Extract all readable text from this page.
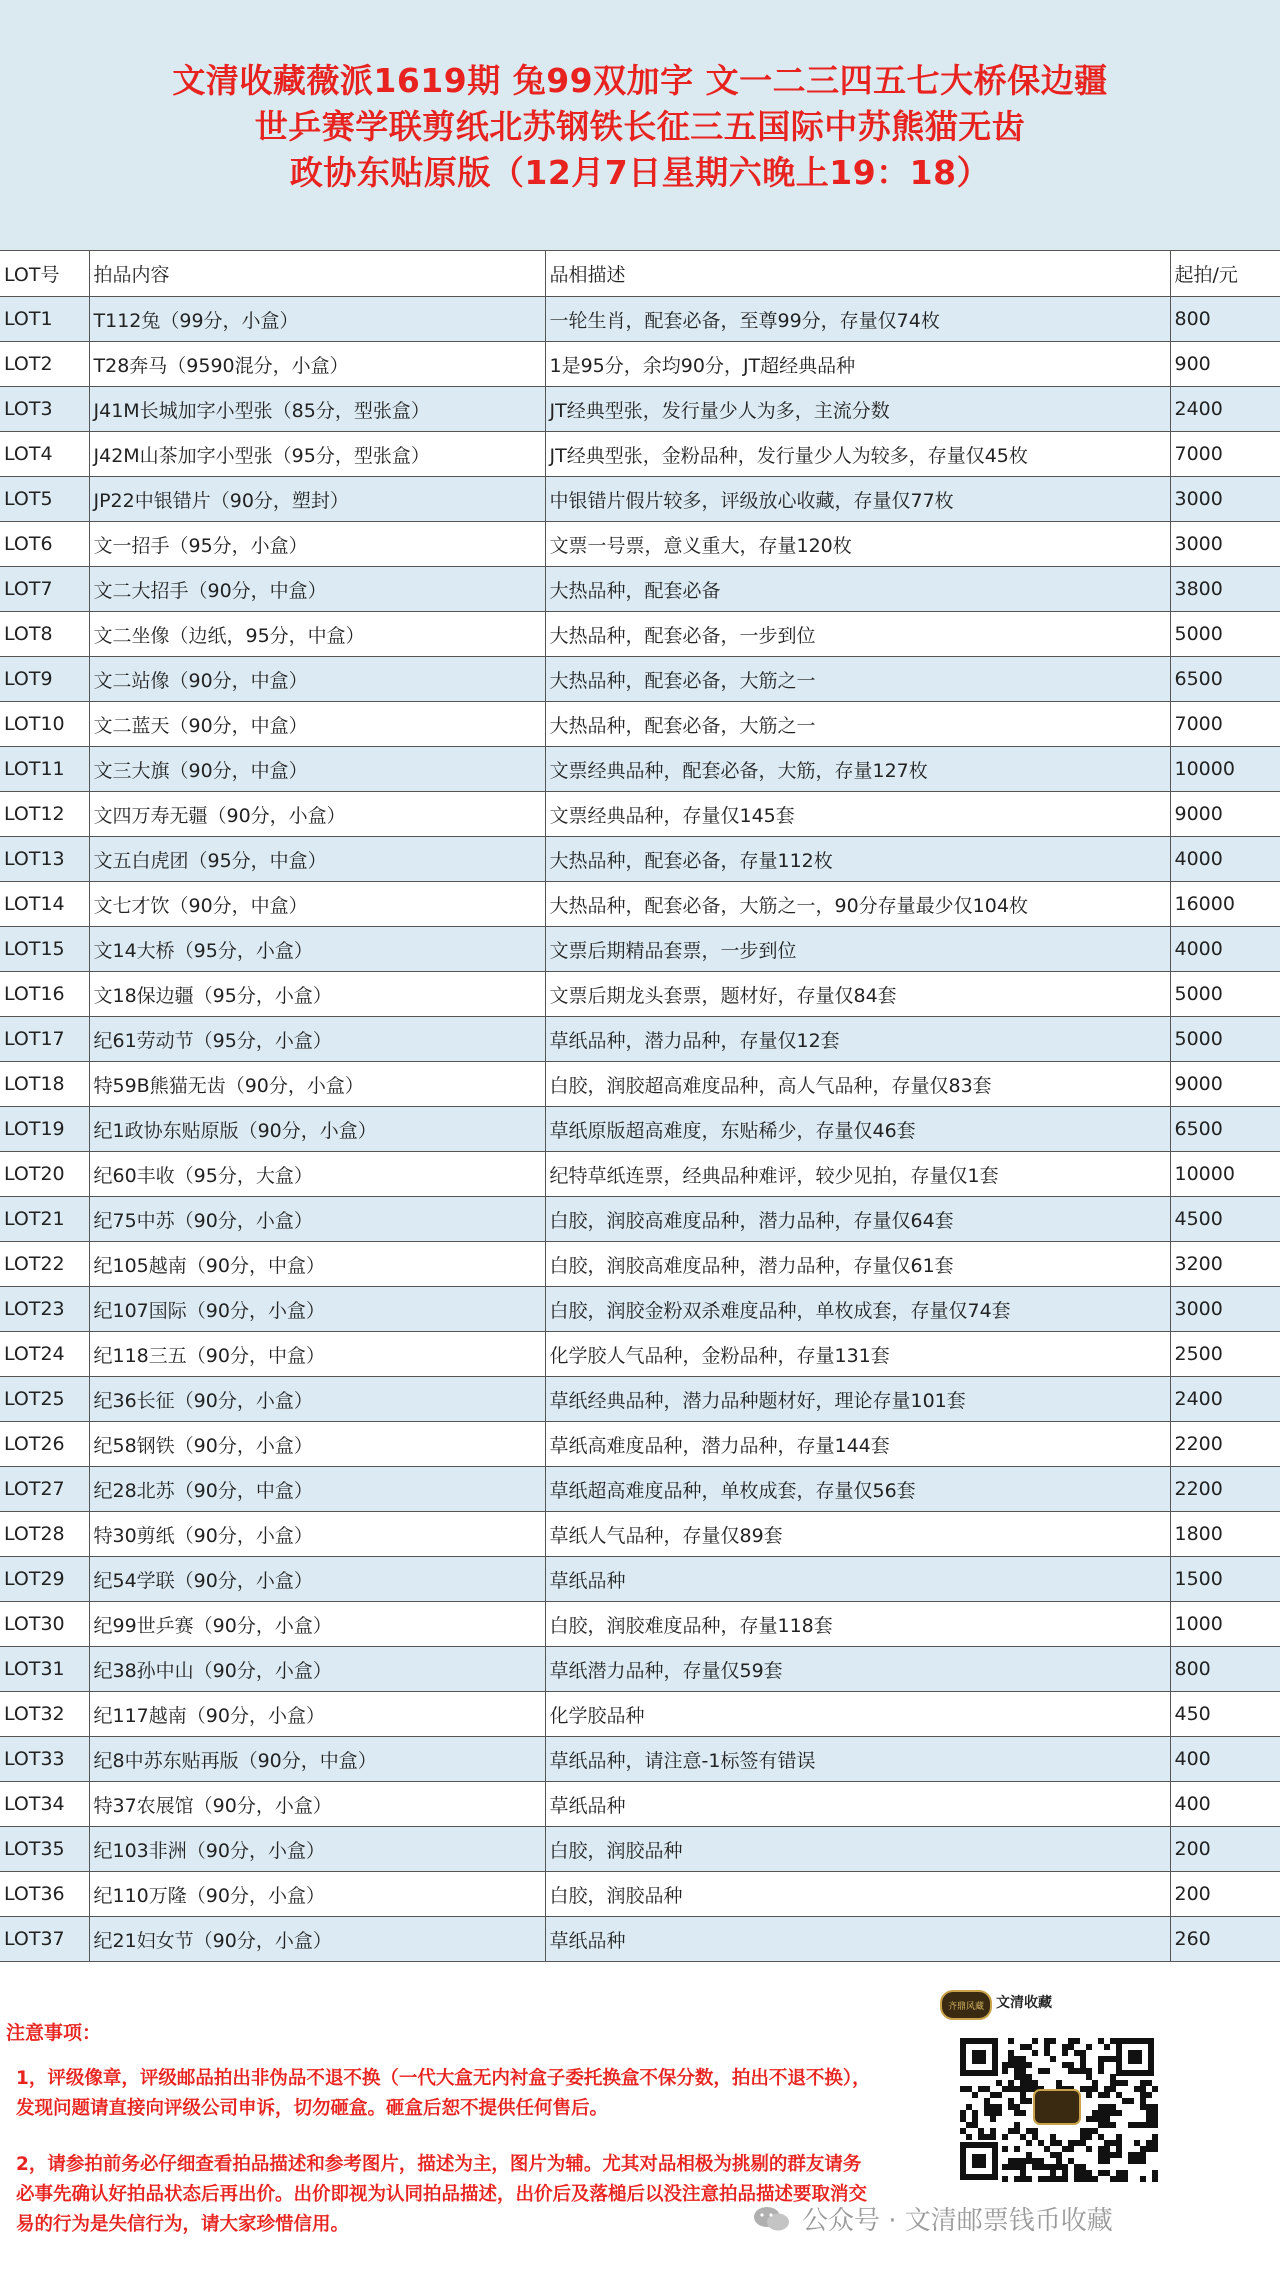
文清收藏薇派1619期 兔99双加字 文一二三四五七大桥保边疆
世乒赛学联剪纸北苏钢铁长征三五国际中苏熊猫无齿
政协东贴原版（12月7日星期六晚上19：18）
LOT号	拍品内容	品相描述	起拍/元
LOT1	T112兔（99分，小盒）	一轮生肖，配套必备，至尊99分，存量仅74枚	800
LOT2	T28奔马（9590混分，小盒）	1是95分，余均90分，JT超经典品种	900
LOT3	J41M长城加字小型张（85分，型张盒）	JT经典型张，发行量少人为多，主流分数	2400
LOT4	J42M山茶加字小型张（95分，型张盒）	JT经典型张，金粉品种，发行量少人为较多，存量仅45枚	7000
LOT5	JP22中银错片（90分，塑封）	中银错片假片较多，评级放心收藏，存量仅77枚	3000
LOT6	文一招手（95分，小盒）	文票一号票，意义重大，存量120枚	3000
LOT7	文二大招手（90分，中盒）	大热品种，配套必备	3800
LOT8	文二坐像（边纸，95分，中盒）	大热品种，配套必备，一步到位	5000
LOT9	文二站像（90分，中盒）	大热品种，配套必备，大筋之一	6500
LOT10	文二蓝天（90分，中盒）	大热品种，配套必备，大筋之一	7000
LOT11	文三大旗（90分，中盒）	文票经典品种，配套必备，大筋，存量127枚	10000
LOT12	文四万寿无疆（90分，小盒）	文票经典品种，存量仅145套	9000
LOT13	文五白虎团（95分，中盒）	大热品种，配套必备，存量112枚	4000
LOT14	文七才饮（90分，中盒）	大热品种，配套必备，大筋之一，90分存量最少仅104枚	16000
LOT15	文14大桥（95分，小盒）	文票后期精品套票，一步到位	4000
LOT16	文18保边疆（95分，小盒）	文票后期龙头套票，题材好，存量仅84套	5000
LOT17	纪61劳动节（95分，小盒）	草纸品种，潜力品种，存量仅12套	5000
LOT18	特59B熊猫无齿（90分，小盒）	白胶，润胶超高难度品种，高人气品种，存量仅83套	9000
LOT19	纪1政协东贴原版（90分，小盒）	草纸原版超高难度，东贴稀少，存量仅46套	6500
LOT20	纪60丰收（95分，大盒）	纪特草纸连票，经典品种难评，较少见拍，存量仅1套	10000
LOT21	纪75中苏（90分，小盒）	白胶，润胶高难度品种，潜力品种，存量仅64套	4500
LOT22	纪105越南（90分，中盒）	白胶，润胶高难度品种，潜力品种，存量仅61套	3200
LOT23	纪107国际（90分，小盒）	白胶，润胶金粉双杀难度品种，单枚成套，存量仅74套	3000
LOT24	纪118三五（90分，中盒）	化学胶人气品种，金粉品种，存量131套	2500
LOT25	纪36长征（90分，小盒）	草纸经典品种，潜力品种题材好，理论存量101套	2400
LOT26	纪58钢铁（90分，小盒）	草纸高难度品种，潜力品种，存量144套	2200
LOT27	纪28北苏（90分，中盒）	草纸超高难度品种，单枚成套，存量仅56套	2200
LOT28	特30剪纸（90分，小盒）	草纸人气品种，存量仅89套	1800
LOT29	纪54学联（90分，小盒）	草纸品种	1500
LOT30	纪99世乒赛（90分，小盒）	白胶，润胶难度品种，存量118套	1000
LOT31	纪38孙中山（90分，小盒）	草纸潜力品种，存量仅59套	800
LOT32	纪117越南（90分，小盒）	化学胶品种	450
LOT33	纪8中苏东贴再版（90分，中盒）	草纸品种，请注意-1标签有错误	400
LOT34	特37农展馆（90分，小盒）	草纸品种	400
LOT35	纪103非洲（90分，小盒）	白胶，润胶品种	200
LOT36	纪110万隆（90分，小盒）	白胶，润胶品种	200
LOT37	纪21妇女节（90分，小盒）	草纸品种	260
注意事项：
1，评级像章，评级邮品拍出非伪品不退不换（一代大盒无内衬盒子委托换盒不保分数，拍出不退不换），发现问题请直接向评级公司申诉，切勿砸盒。砸盒后恕不提供任何售后。
2，请参拍前务必仔细查看拍品描述和参考图片，描述为主，图片为辅。尤其对品相极为挑剔的群友请务必事先确认好拍品状态后再出价。出价即视为认同拍品描述，出价后及落槌后以没注意拍品描述要取消交易的行为是失信行为，请大家珍惜信用。
齐鼎风藏 文清收藏
公众号 · 文清邮票钱币收藏
